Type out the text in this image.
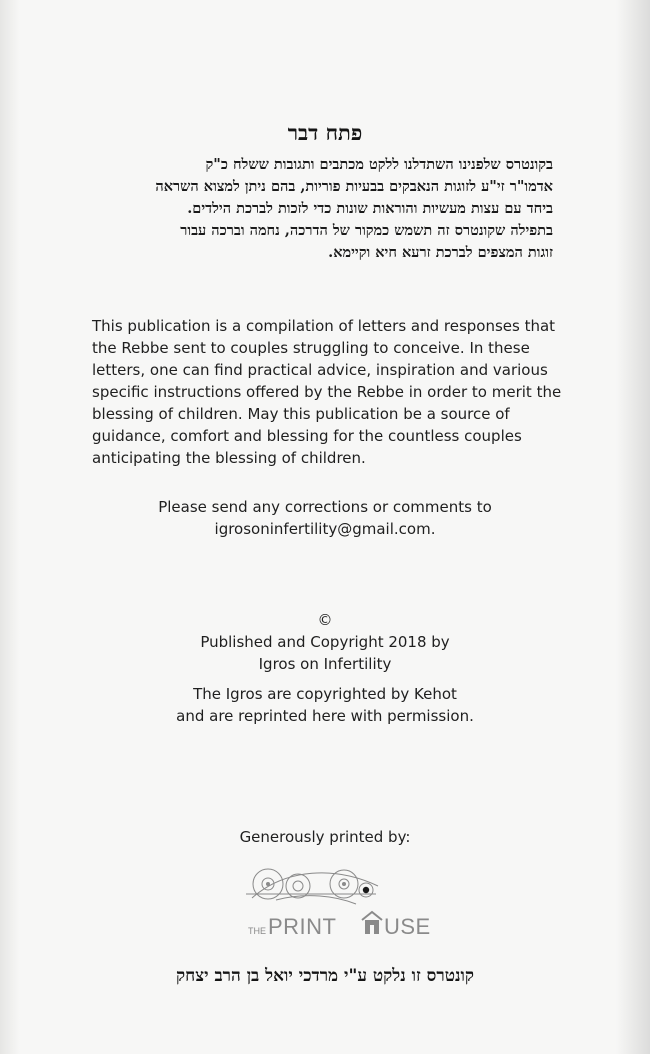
פתח דבר
בקונטרס שלפנינו השתדלנו ללקט מכתבים ותגובות ששלח כ"ק
אדמו"ר זי"ע לזוגות הנאבקים בבעיות פוריות, בהם ניתן למצוא השראה
ביחד עם עצות מעשיות והוראות שונות כדי לזכות לברכת הילדים.
בתפילה שקונטרס זה תשמש כמקור של הדרכה, נחמה וברכה עבור
זוגות המצפים לברכת זרעא חיא וקיימא.
This publication is a compilation of letters and responses that
the Rebbe sent to couples struggling to conceive. In these
letters, one can find practical advice, inspiration and various
specific instructions offered by the Rebbe in order to merit the
blessing of children. May this publication be a source of
guidance, comfort and blessing for the countless couples
anticipating the blessing of children.
Please send any corrections or comments to
igrosoninfertility@gmail.com.
©
Published and Copyright 2018 by
Igros on Infertility
The Igros are copyrighted by Kehot
and are reprinted here with permission.
Generously printed by:
THE PRINT USE
קונטרס זו נלקט ע"י מרדכי יואל בן הרב יצחק
